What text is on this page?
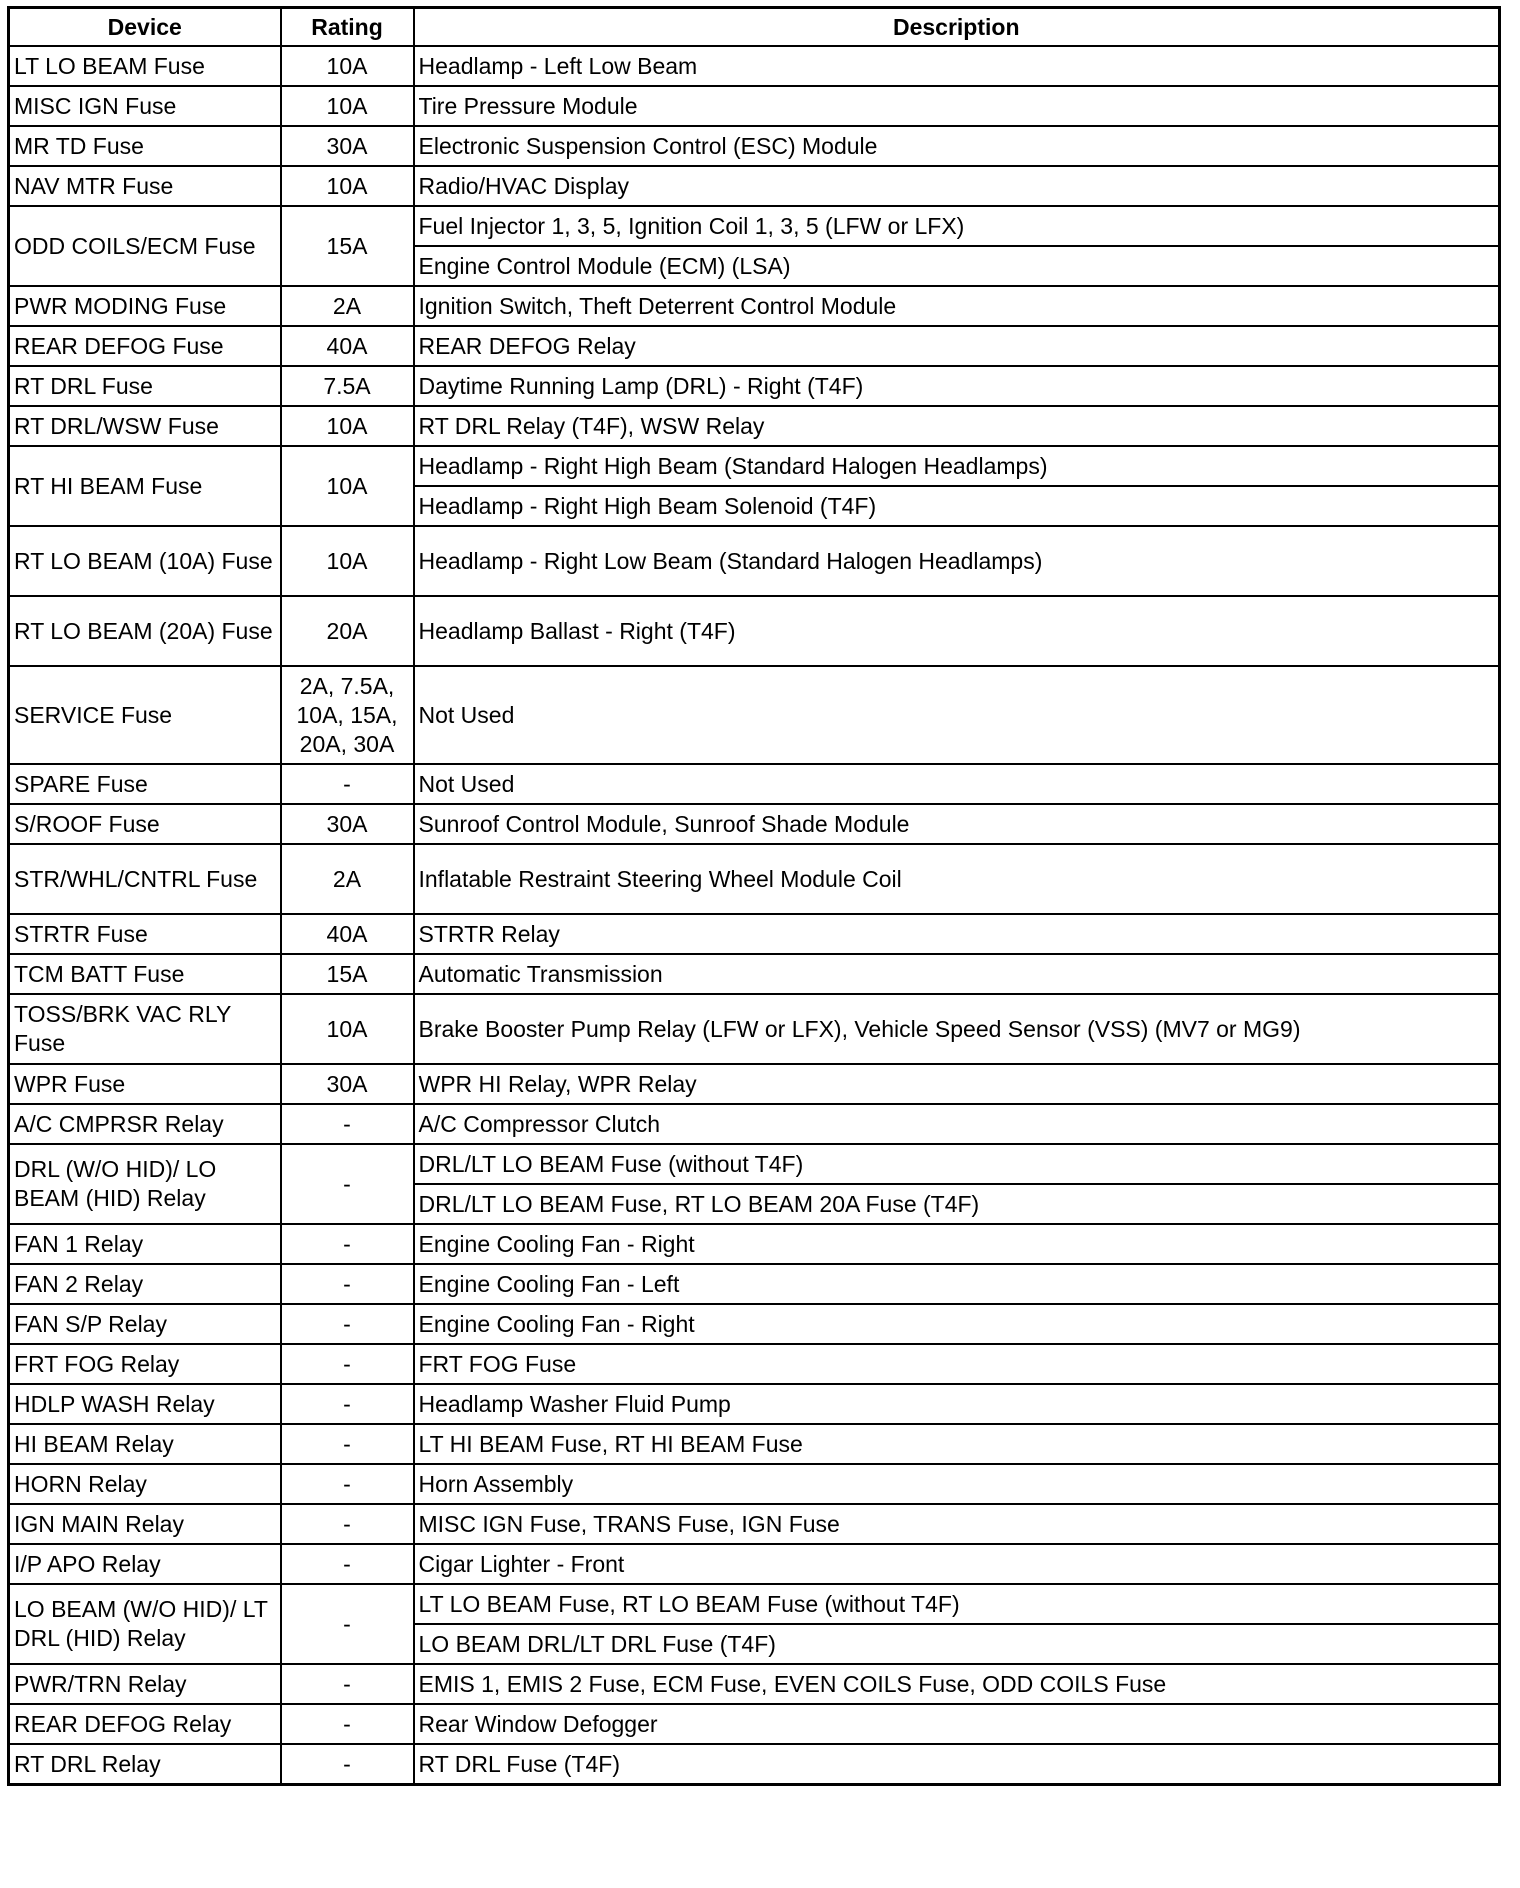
Device	Rating	Description
LT LO BEAM Fuse	10A	Headlamp - Left Low Beam
MISC IGN Fuse	10A	Tire Pressure Module
MR TD Fuse	30A	Electronic Suspension Control (ESC) Module
NAV MTR Fuse	10A	Radio/HVAC Display
ODD COILS/ECM Fuse	15A	Fuel Injector 1, 3, 5, Ignition Coil 1, 3, 5 (LFW or LFX)
		Engine Control Module (ECM) (LSA)
PWR MODING Fuse	2A	Ignition Switch, Theft Deterrent Control Module
REAR DEFOG Fuse	40A	REAR DEFOG Relay
RT DRL Fuse	7.5A	Daytime Running Lamp (DRL) - Right (T4F)
RT DRL/WSW Fuse	10A	RT DRL Relay (T4F), WSW Relay
RT HI BEAM Fuse	10A	Headlamp - Right High Beam (Standard Halogen Headlamps)
		Headlamp - Right High Beam Solenoid (T4F)
RT LO BEAM (10A) Fuse	10A	Headlamp - Right Low Beam (Standard Halogen Headlamps)
RT LO BEAM (20A) Fuse	20A	Headlamp Ballast - Right (T4F)
SERVICE Fuse	2A, 7.5A, 10A, 15A, 20A, 30A	Not Used
SPARE Fuse	-	Not Used
S/ROOF Fuse	30A	Sunroof Control Module, Sunroof Shade Module
STR/WHL/CNTRL Fuse	2A	Inflatable Restraint Steering Wheel Module Coil
STRTR Fuse	40A	STRTR Relay
TCM BATT Fuse	15A	Automatic Transmission
TOSS/BRK VAC RLY Fuse	10A	Brake Booster Pump Relay (LFW or LFX), Vehicle Speed Sensor (VSS) (MV7 or MG9)
WPR Fuse	30A	WPR HI Relay, WPR Relay
A/C CMPRSR Relay	-	A/C Compressor Clutch
DRL (W/O HID)/ LO BEAM (HID) Relay	-	DRL/LT LO BEAM Fuse (without T4F)
		DRL/LT LO BEAM Fuse, RT LO BEAM 20A Fuse (T4F)
FAN 1 Relay	-	Engine Cooling Fan - Right
FAN 2 Relay	-	Engine Cooling Fan - Left
FAN S/P Relay	-	Engine Cooling Fan - Right
FRT FOG Relay	-	FRT FOG Fuse
HDLP WASH Relay	-	Headlamp Washer Fluid Pump
HI BEAM Relay	-	LT HI BEAM Fuse, RT HI BEAM Fuse
HORN Relay	-	Horn Assembly
IGN MAIN Relay	-	MISC IGN Fuse, TRANS Fuse, IGN Fuse
I/P APO Relay	-	Cigar Lighter - Front
LO BEAM (W/O HID)/ LT DRL (HID) Relay	-	LT LO BEAM Fuse, RT LO BEAM Fuse (without T4F)
		LO BEAM DRL/LT DRL Fuse (T4F)
PWR/TRN Relay	-	EMIS 1, EMIS 2 Fuse, ECM Fuse, EVEN COILS Fuse, ODD COILS Fuse
REAR DEFOG Relay	-	Rear Window Defogger
RT DRL Relay	-	RT DRL Fuse (T4F)
